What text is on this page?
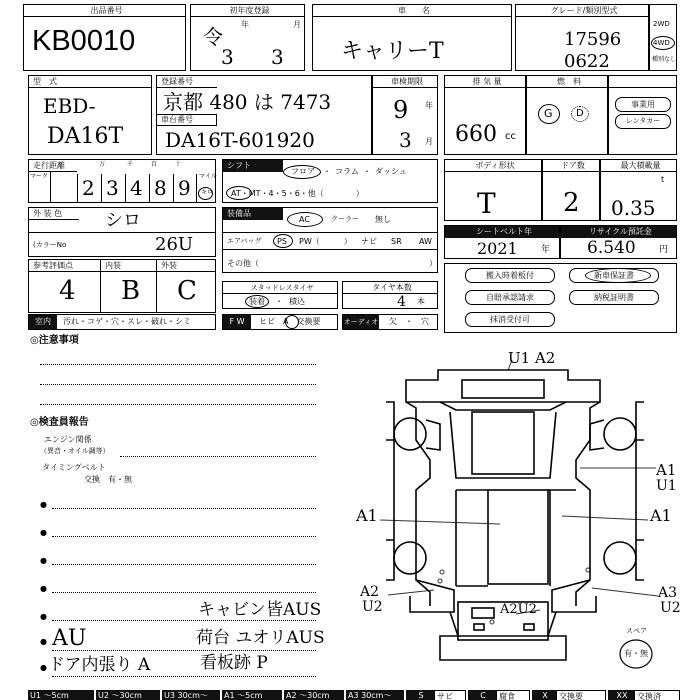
出品番号
KB0010
初年度登録
令
年
3
月
3
車　　名
キャリーT
グレード/類別型式
17596
0622
2WD
4WD
種別なし
型　式
EBD-
DA16T
登録番号
京都 480 は 7473
車台番号
DA16T-601920
車検期限
9 年
3 月
排 気 量
660 cc
燃　料
G D
用途
事業用
レンタカー
走行距離
マーク
万	千	百	十
2 3 4 8 9 マイル
キロ
シフト
フロア ・ コラム ・ ダッシュ
AT・MT・4・5・6・他（　　　　）
ボディ形状
T
ドア数
2
最大積載量
t
0.35
外 装 色	シロ
(カラーNo	26U
装備品
AC	クーラー 無し
エアバッグ PS PW（　　　） ナビ SR AW
その他（	）
シートベルト年
2021	年
リサイクル預託金
6.540	円
参考評価点
4
内装
B
外装
C	スタッドレスタイヤ
装着 ・ 積込
タイヤ本数
4 本
搬入時着板付	新車保証書
自賠承認請求	納税証明書
抹消受付可
室内	汚れ・コゲ・穴・スレ・破れ・シミ	F W	ヒビ　A　交換要	オーディオ 欠　・　穴
◎注意事項
◎検査員報告
エンジン関係
（異音・オイル調等）
タイミングベルト
交換　有・無
●
●
●
●
●
●
●
キャビン皆AUS
AU	荷台 ユオリAUS
ドア内張り A	看板跡 P
U1 A2
A1
U1
A1
A1
A2
U2
A3
U2
A2U2
スペア
有・無
U1 ～5cm	U2 ～30cm	U3 30cm～	A1 ～5cm	A2 ～30cm	A3 30cm～	S	サビ	C	腐食	X	交換要	XX	交換済
